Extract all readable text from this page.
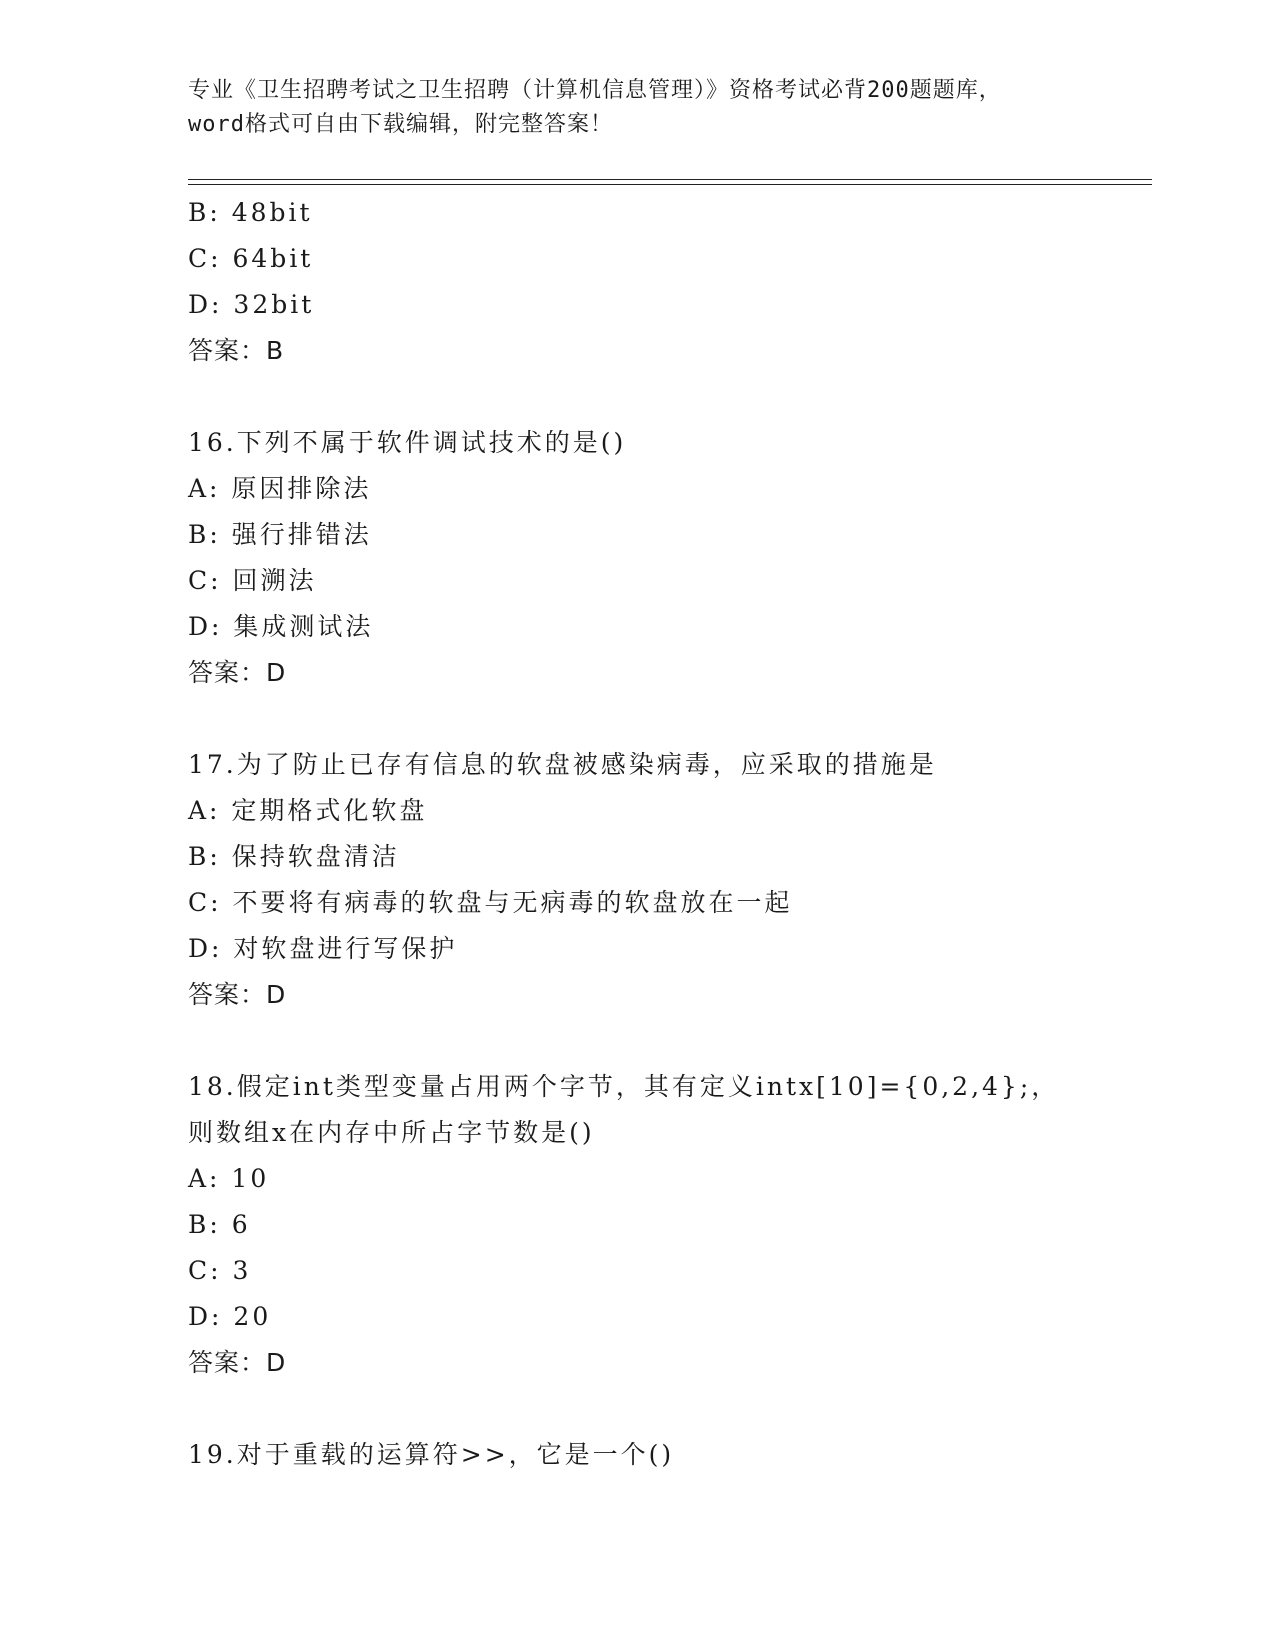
专业《卫生招聘考试之卫生招聘（计算机信息管理）》资格考试必背200题题库，
word格式可自由下载编辑，附完整答案！
B: 48bit
C: 64bit
D: 32bit
答案：B
16.下列不属于软件调试技术的是()
A: 原因排除法
B: 强行排错法
C: 回溯法
D: 集成测试法
答案：D
17.为了防止已存有信息的软盘被感染病毒，应采取的措施是
A: 定期格式化软盘
B: 保持软盘清洁
C: 不要将有病毒的软盘与无病毒的软盘放在一起
D: 对软盘进行写保护
答案：D
18.假定int类型变量占用两个字节，其有定义intx[10]={0,2,4};，
则数组x在内存中所占字节数是()
A: 10
B: 6
C: 3
D: 20
答案：D
19.对于重载的运算符>>，它是一个()
